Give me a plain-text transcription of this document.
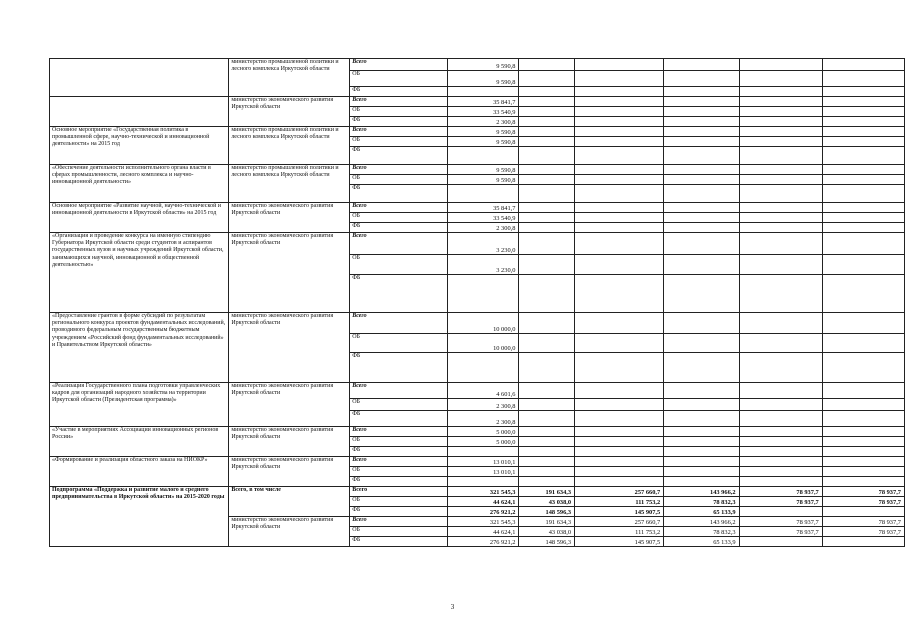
	министерство промышленной политики и лесного комплекса Иркутской области	Всего	9 590,8					
		ОБ	9 590,8					
		ФБ						
	министерство экономического развития Иркутской области	Всего	35 841,7					
		ОБ	33 540,9					
		ФБ	2 300,8					
Основное мероприятие «Государственная политика в промышленной сфере, научно-технической и инновационной деятельности» на 2015 год	министерство промышленной политики и лесного комплекса Иркутской области	Всего	9 590,8					
		ОБ	9 590,8					
		ФБ						
«Обеспечение деятельности исполнительного органа власти в сферах промышленности, лесного комплекса и научно-инновационной деятельности»	министерство промышленной политики и лесного комплекса Иркутской области	Всего	9 590,8					
		ОБ	9 590,8					
		ФБ						
Основное мероприятие «Развитие научной, научно-технической и инновационной деятельности в Иркутской области» на 2015 год	министерство экономического развития Иркутской области	Всего	35 841,7					
		ОБ	33 540,9					
		ФБ	2 300,8					
«Организация и проведение конкурса на именную стипендию Губернатора Иркутской области среди студентов и аспирантов государственных вузов и научных учреждений Иркутской области, занимающихся научной, инновационной и общественной деятельностью»	министерство экономического развития Иркутской области	Всего	3 230,0					
		ОБ	3 230,0					
		ФБ						
«Предоставление грантов в форме субсидий по результатам регионального конкурса проектов фундаментальных исследований, проводимого федеральным государственным бюджетным учреждением «Российский фонд фундаментальных исследований» и Правительством Иркутской области»	министерство экономического развития Иркутской области	Всего	10 000,0					
		ОБ	10 000,0					
		ФБ						
«Реализация Государственного плана подготовки управленческих кадров для организаций народного хозяйства на территории Иркутской области (Президентская программа)»	министерство экономического развития Иркутской области	Всего	4 601,6					
		ОБ	2 300,8					
		ФБ	2 300,8					
«Участие в мероприятиях Ассоциации инновационных регионов России»	министерство экономического развития Иркутской области	Всего	5 000,0					
		ОБ	5 000,0					
		ФБ						
«Формирование и реализация областного заказа на НИОКР»	министерство экономического развития Иркутской области	Всего	13 010,1					
		ОБ	13 010,1					
		ФБ						
Подпрограмма «Поддержка и развитие малого и среднего предпринимательства в Иркутской области» на 2015-2020 годы	Всего, в том числе	Всего	321 545,3	191 634,3	257 660,7	143 966,2	78 937,7	78 937,7
		ОБ	44 624,1	43 038,0	111 753,2	78 832,3	78 937,7	78 937,7
		ФБ	276 921,2	148 596,3	145 907,5	65 133,9		
	министерство экономического развития Иркутской области	Всего	321 545,3	191 634,3	257 660,7	143 966,2	78 937,7	78 937,7
		ОБ	44 624,1	43 038,0	111 753,2	78 832,3	78 937,7	78 937,7
		ФБ	276 921,2	148 596,3	145 907,5	65 133,9		
3
